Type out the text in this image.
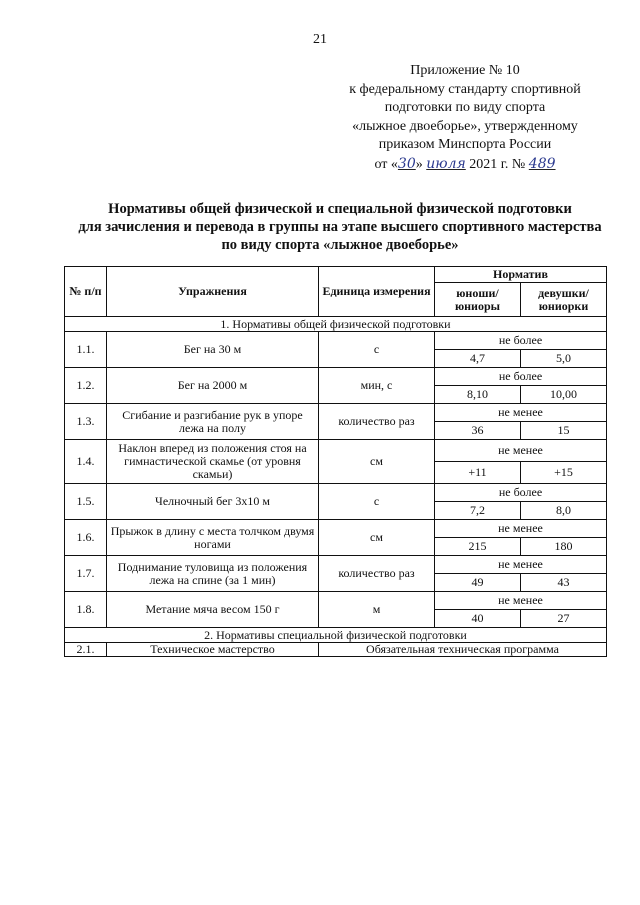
21
Приложение № 10
к федеральному стандарту спортивной
подготовки по виду спорта
«лыжное двоеборье», утвержденному
приказом Минспорта России
от «30» июля 2021 г. № 489
Нормативы общей физической и специальной физической подготовки
для зачисления и перевода в группы на этапе высшего спортивного мастерства
по виду спорта «лыжное двоеборье»
№ п/п	Упражнения	Единица измерения	Норматив	
			юноши/ юниоры	девушки/ юниорки
1. Нормативы общей физической подготовки				
1.1.	Бег на 30 м	с	не более	
			4,7	5,0
1.2.	Бег на 2000 м	мин, с	не более	
			8,10	10,00
1.3.	Сгибание и разгибание рук в упоре лежа на полу	количество раз	не менее	
			36	15
1.4.	Наклон вперед из положения стоя на гимнастической скамье (от уровня скамьи)	см	не менее	
			+11	+15
1.5.	Челночный бег 3х10 м	с	не более	
			7,2	8,0
1.6.	Прыжок в длину с места толчком двумя ногами	см	не менее	
			215	180
1.7.	Поднимание туловища из положения лежа на спине (за 1 мин)	количество раз	не менее	
			49	43
1.8.	Метание мяча весом 150 г	м	не менее	
			40	27
2. Нормативы специальной физической подготовки				
2.1.	Техническое мастерство	Обязательная техническая программа		
